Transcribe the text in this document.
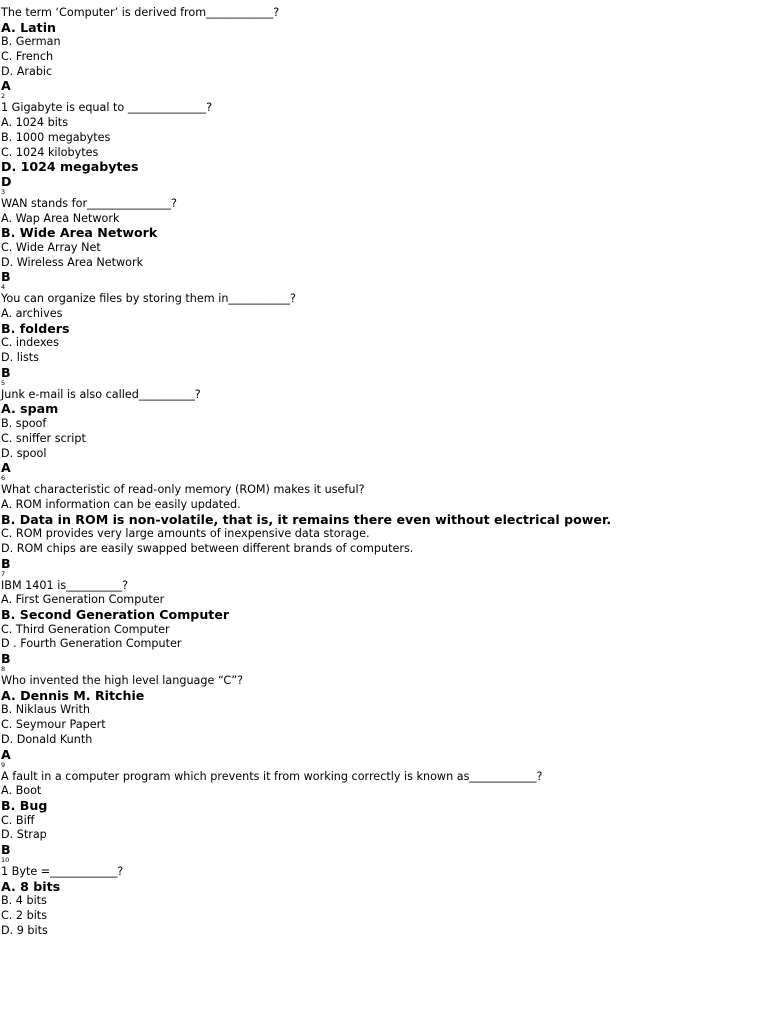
The term ‘Computer’ is derived from____________?
A. Latin
B. German
C. French
D. Arabic
A
2
1 Gigabyte is equal to ______________?
A. 1024 bits
B. 1000 megabytes
C. 1024 kilobytes
D. 1024 megabytes
D
3
WAN stands for_______________?
A. Wap Area Network
B. Wide Area Network
C. Wide Array Net
D. Wireless Area Network
B
4
You can organize files by storing them in___________?
A. archives
B. folders
C. indexes
D. lists
B
5
Junk e-mail is also called__________?
A. spam
B. spoof
C. sniffer script
D. spool
A
6
What characteristic of read-only memory (ROM) makes it useful?
A. ROM information can be easily updated.
B. Data in ROM is non-volatile, that is, it remains there even without electrical power.
C. ROM provides very large amounts of inexpensive data storage.
D. ROM chips are easily swapped between different brands of computers.
B
7
IBM 1401 is__________?
A. First Generation Computer
B. Second Generation Computer
C. Third Generation Computer
D . Fourth Generation Computer
B
8
Who invented the high level language “C”?
A. Dennis M. Ritchie
B. Niklaus Writh
C. Seymour Papert
D. Donald Kunth
A
9
A fault in a computer program which prevents it from working correctly is known as____________?
A. Boot
B. Bug
C. Biff
D. Strap
B
10
1 Byte =____________?
A. 8 bits
B. 4 bits
C. 2 bits
D. 9 bits
